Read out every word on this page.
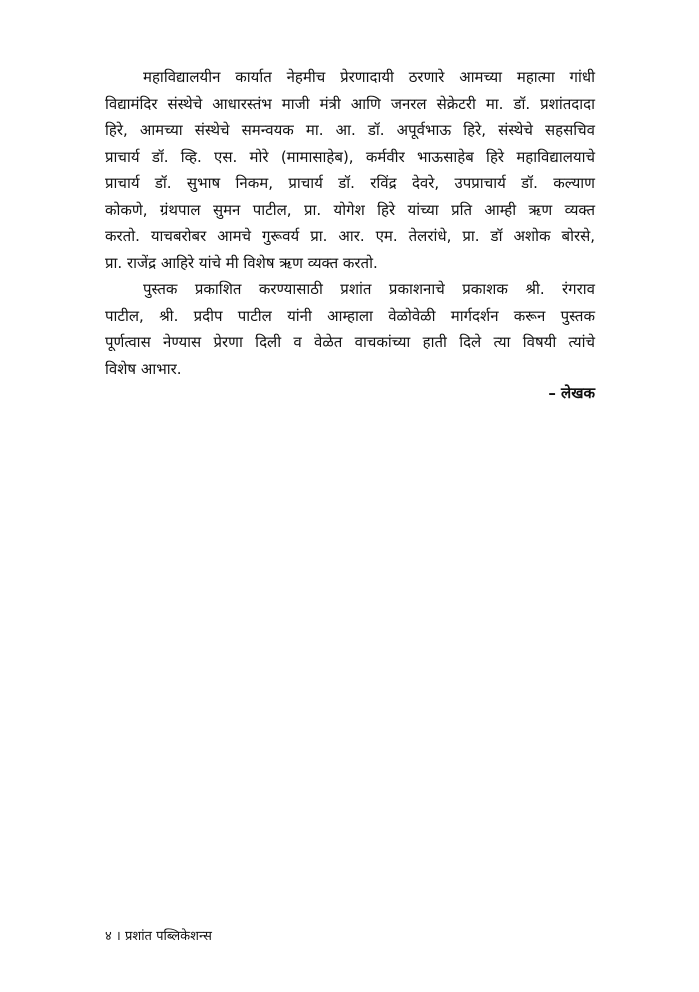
महाविद्यालयीन कार्यात नेहमीच प्रेरणादायी ठरणारे आमच्या महात्मा गांधी
विद्यामंदिर संस्थेचे आधारस्तंभ माजी मंत्री आणि जनरल सेक्रेटरी मा. डॉ. प्रशांतदादा
हिरे, आमच्या संस्थेचे समन्वयक मा. आ. डॉ. अपूर्वभाऊ हिरे, संस्थेचे सहसचिव
प्राचार्य डॉ. व्हि. एस. मोरे (मामासाहेब), कर्मवीर भाऊसाहेब हिरे महाविद्यालयाचे
प्राचार्य डॉ. सुभाष निकम, प्राचार्य डॉ. रविंद्र देवरे, उपप्राचार्य डॉ. कल्याण
कोकणे, ग्रंथपाल सुमन पाटील, प्रा. योगेश हिरे यांच्या प्रति आम्ही ऋण व्यक्त
करतो. याचबरोबर आमचे गुरूवर्य प्रा. आर. एम. तेलरांधे, प्रा. डॉ अशोक बोरसे,
प्रा. राजेंद्र आहिरे यांचे मी विशेष ऋण व्यक्त करतो.
पुस्तक प्रकाशित करण्यासाठी प्रशांत प्रकाशनाचे प्रकाशक श्री. रंगराव
पाटील, श्री. प्रदीप पाटील यांनी आम्हाला वेळोवेळी मार्गदर्शन करून पुस्तक
पूर्णत्वास नेण्यास प्रेरणा दिली व वेळेत वाचकांच्या हाती दिले त्या विषयी त्यांचे
विशेष आभार.
– लेखक
४ । प्रशांत पब्लिकेशन्स
